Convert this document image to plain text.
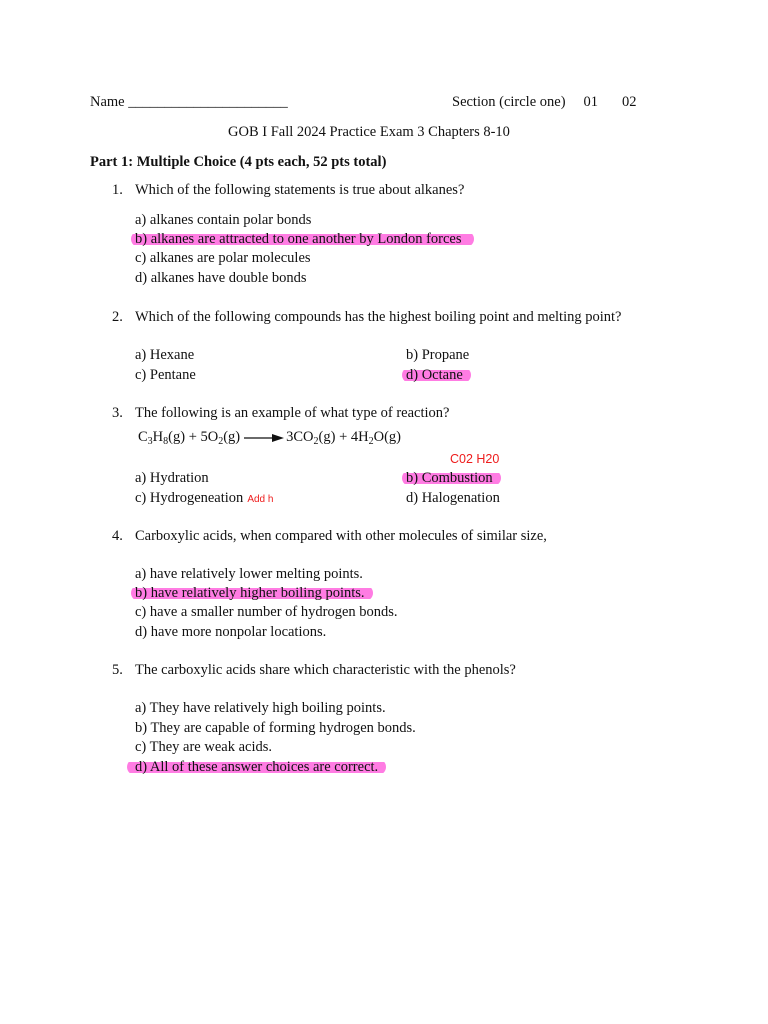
Name ______________________	Section (circle one) 01 02
GOB I Fall 2024 Practice Exam 3 Chapters 8-10
Part 1: Multiple Choice (4 pts each, 52 pts total)
1. Which of the following statements is true about alkanes?
a) alkanes contain polar bonds
b) alkanes are attracted to one another by London forces
c) alkanes are polar molecules
d) alkanes have double bonds
2. Which of the following compounds has the highest boiling point and melting point?
a) Hexane	b) Propane
c) Pentane	d) Octane
3. The following is an example of what type of reaction?
$C_3H_8(g) + 5O_2(g) \to 3CO_2(g) + 4H_2O(g)$
C02 H20
a) Hydration	b) Combustion
c) Hydrogeneation Add h	d) Halogenation
4. Carboxylic acids, when compared with other molecules of similar size,
a) have relatively lower melting points.
b) have relatively higher boiling points.
c) have a smaller number of hydrogen bonds.
d) have more nonpolar locations.
5. The carboxylic acids share which characteristic with the phenols?
a) They have relatively high boiling points.
b) They are capable of forming hydrogen bonds.
c) They are weak acids.
d) All of these answer choices are correct.
